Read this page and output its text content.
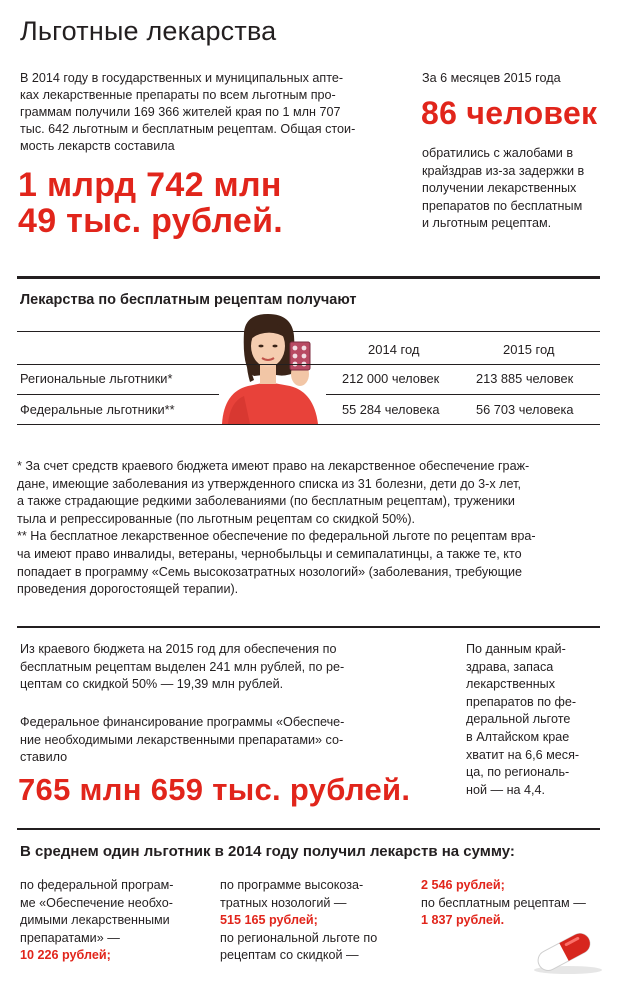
Льготные лекарства
В 2014 году в государственных и муниципальных апте-
ках лекарственные препараты по всем льготным про-
граммам получили 169 366 жителей края по 1 млн 707
тыс. 642 льготным и бесплатным рецептам. Общая стои-
мость лекарств составила
1 млрд 742 млн
49 тыс. рублей.
За 6 месяцев 2015 года
86 человек
обратились с жалобами в
крайздрав из-за задержки в
получении лекарственных
препаратов по бесплатным
и льготным рецептам.
Лекарства по бесплатным рецептам получают
2014 год	2015 год
Региональные льготники*	212 000 человек	213 885 человек
Федеральные льготники**	55 284 человека	56 703 человека
* За счет средств краевого бюджета имеют право на лекарственное обеспечение граж-
дане, имеющие заболевания из утвержденного списка из 31 болезни, дети до 3-х лет,
а также страдающие редкими заболеваниями (по бесплатным рецептам), труженики
тыла и репрессированные (по льготным рецептам со скидкой 50%).
** На бесплатное лекарственное обеспечение по федеральной льготе по рецептам вра-
ча имеют право инвалиды, ветераны, чернобыльцы и семипалатинцы, а также те, кто
попадает в программу «Семь высокозатратных нозологий» (заболевания, требующие
проведения дорогостоящей терапии).
Из краевого бюджета на 2015 год для обеспечения по
бесплатным рецептам выделен 241 млн рублей, по ре-
цептам со скидкой 50% — 19,39 млн рублей.
Федеральное финансирование программы «Обеспече-
ние необходимыми лекарственными препаратами» со-
ставило
765 млн 659 тыс. рублей.
По данным край-
здрава, запаса
лекарственных
препаратов по фе-
деральной льготе
в Алтайском крае
хватит на 6,6 меся-
ца, по региональ-
ной — на 4,4.
В среднем один льготник в 2014 году получил лекарств на сумму:
по федеральной програм-
ме «Обеспечение необхо-
димыми лекарственными
препаратами» —
10 226 рублей;
по программе высокоза-
тратных нозологий —
515 165 рублей;
по региональной льготе по
рецептам со скидкой —
2 546 рублей;
по бесплатным рецептам —
1 837 рублей.
